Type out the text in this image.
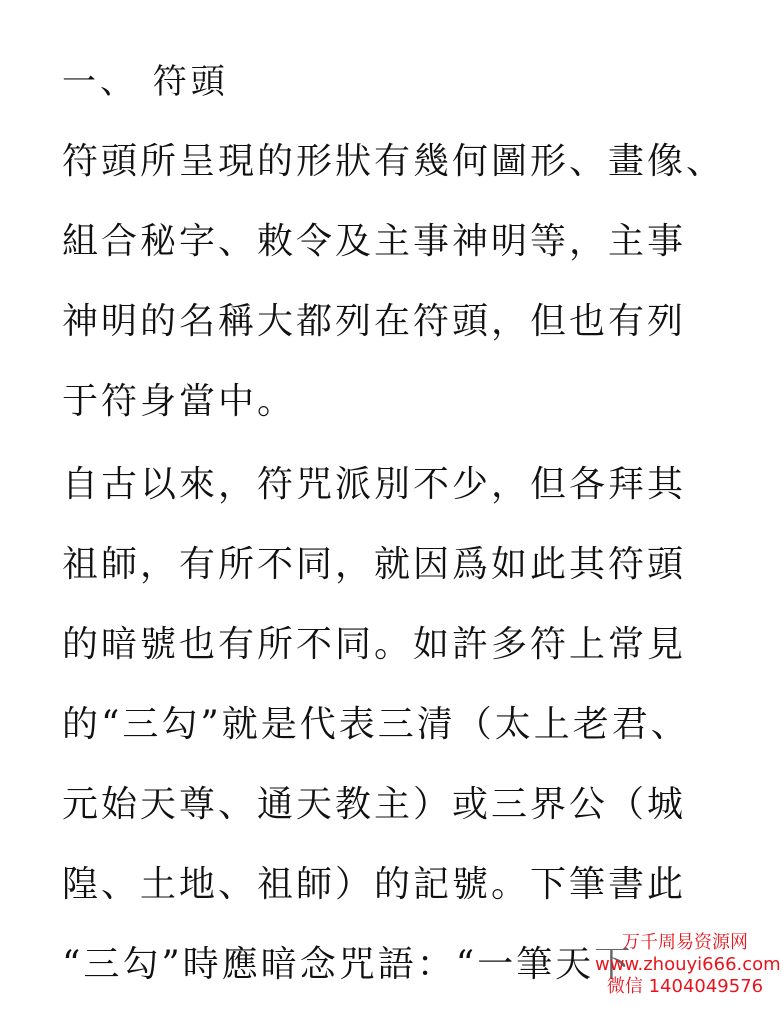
一、 符頭
符頭所呈現的形狀有幾何圖形、畫像、
組合秘字、敕令及主事神明等，主事
神明的名稱大都列在符頭，但也有列
于符身當中。
自古以來，符咒派別不少，但各拜其
祖師，有所不同，就因爲如此其符頭
的暗號也有所不同。如許多符上常見
的“三勾”就是代表三清（太上老君、
元始天尊、通天教主）或三界公（城
隍、土地、祖師）的記號。下筆書此
“三勾”時應暗念咒語：“一筆天下
万千周易资源网
www.zhouyi666.com
微信 1404049576
